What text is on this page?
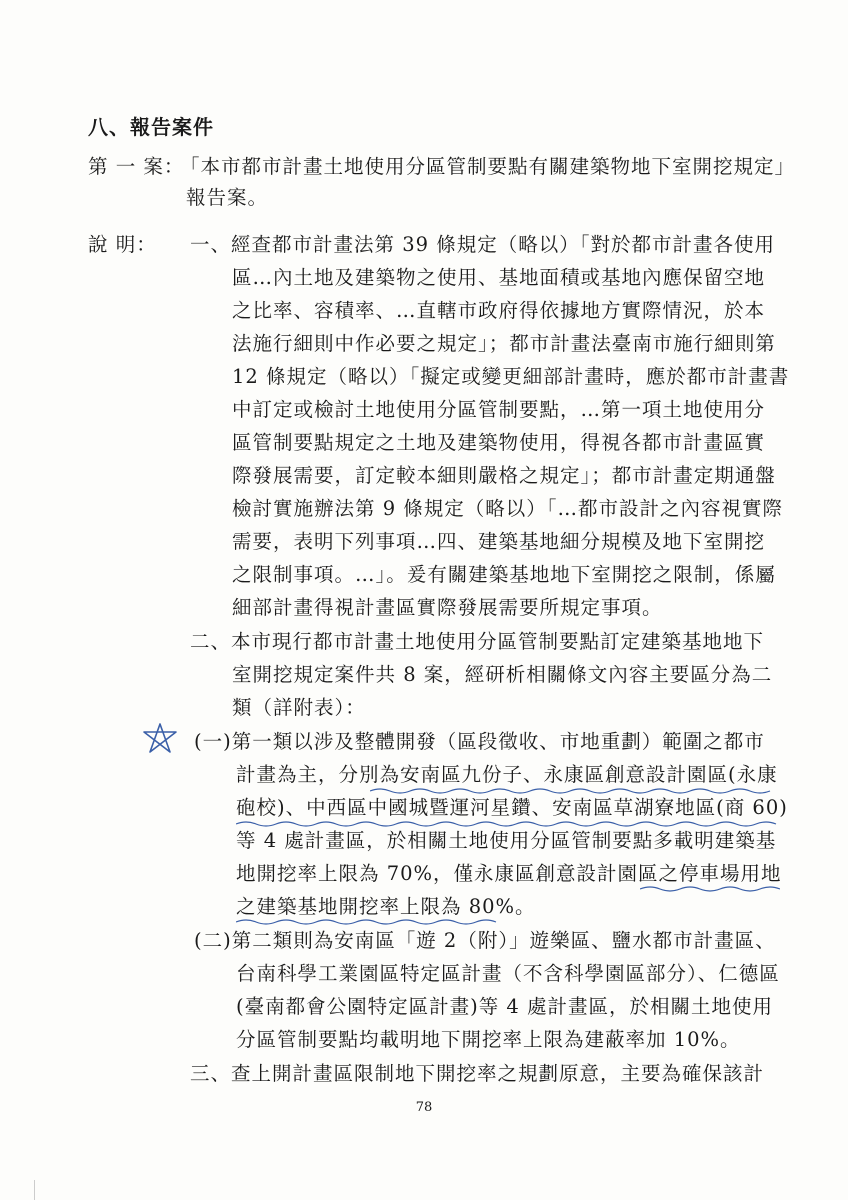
八、報告案件
第 一 案：
「本市都市計畫土地使用分區管制要點有關建築物地下室開挖規定」
報告案。
說 明： 一、經查都市計畫法第 39 條規定（略以）「對於都市計畫各使用
區…內土地及建築物之使用、基地面積或基地內應保留空地
之比率、容積率、…直轄市政府得依據地方實際情況，於本
法施行細則中作必要之規定」；都市計畫法臺南市施行細則第
12 條規定（略以）「擬定或變更細部計畫時，應於都市計畫書
中訂定或檢討土地使用分區管制要點，…第一項土地使用分
區管制要點規定之土地及建築物使用，得視各都市計畫區實
際發展需要，訂定較本細則嚴格之規定」；都市計畫定期通盤
檢討實施辦法第 9 條規定（略以）「…都市設計之內容視實際
需要，表明下列事項…四、建築基地細分規模及地下室開挖
之限制事項。…」。爰有關建築基地地下室開挖之限制，係屬
細部計畫得視計畫區實際發展需要所規定事項。
二、本市現行都市計畫土地使用分區管制要點訂定建築基地地下
室開挖規定案件共 8 案，經研析相關條文內容主要區分為二
類（詳附表）：
(一)第一類以涉及整體開發（區段徵收、市地重劃）範圍之都市
計畫為主，分別為安南區九份子、永康區創意設計園區(永康
砲校)、中西區中國城暨運河星鑽、安南區草湖寮地區(商 60)
等 4 處計畫區，於相關土地使用分區管制要點多載明建築基
地開挖率上限為 70%，僅永康區創意設計園區之停車場用地
之建築基地開挖率上限為 80%。
(二)第二類則為安南區「遊 2（附）」遊樂區、鹽水都市計畫區、
台南科學工業園區特定區計畫（不含科學園區部分）、仁德區
(臺南都會公園特定區計畫)等 4 處計畫區，於相關土地使用
分區管制要點均載明地下開挖率上限為建蔽率加 10%。
三、查上開計畫區限制地下開挖率之規劃原意，主要為確保該計
78
